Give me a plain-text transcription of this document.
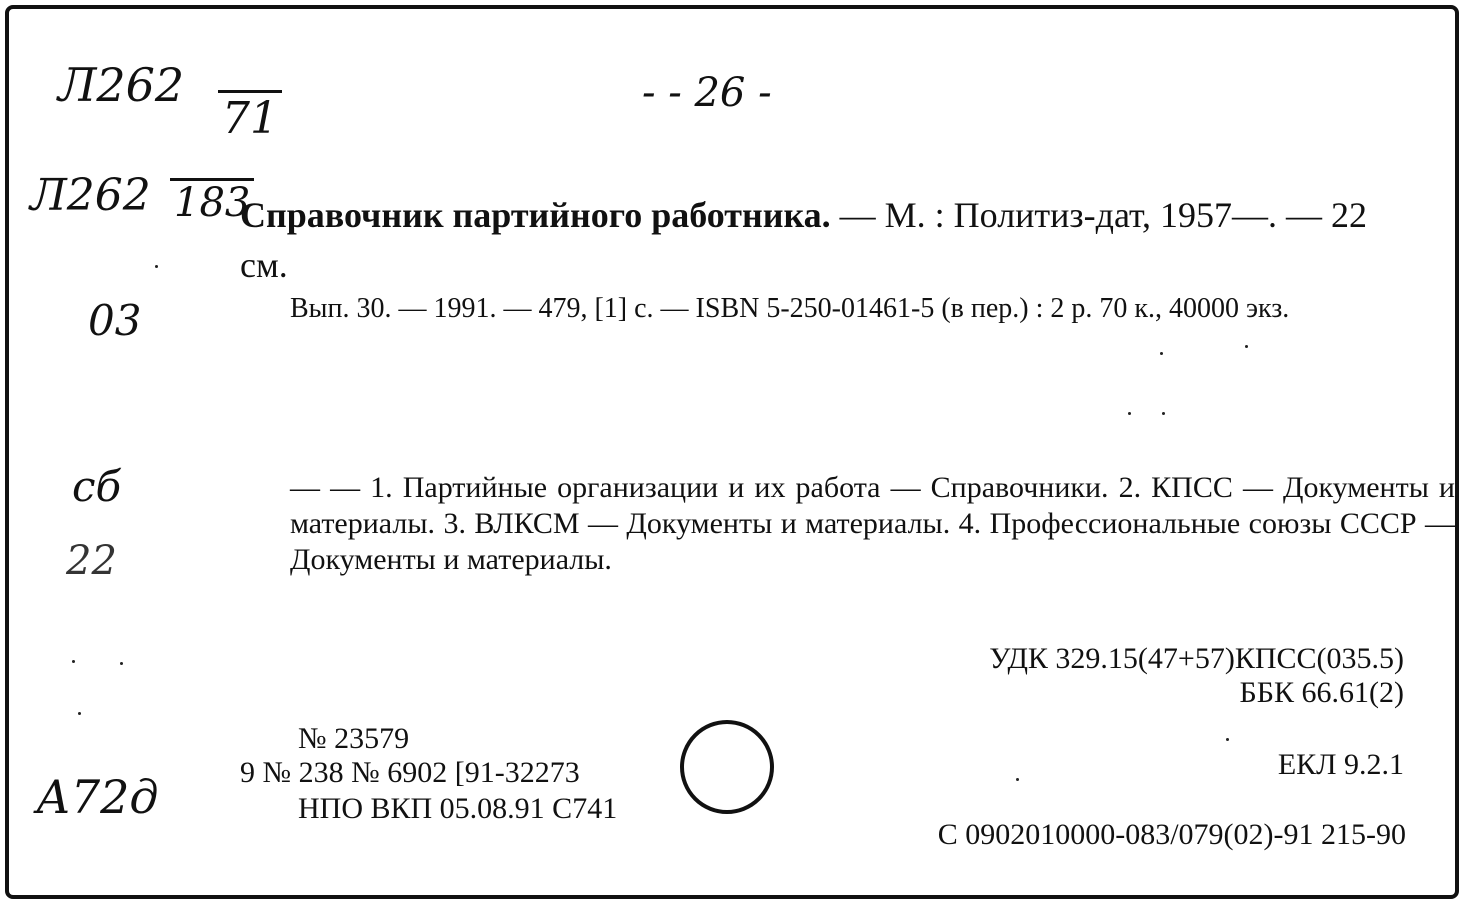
Л262
71
Л262 183
03
сб
22
А72д
- - 26 -
Справочник партийного работника. — М. : Политиз-дат, 1957—. — 22 см.
Вып. 30. — 1991. — 479, [1] с. — ISBN 5-250-01461-5 (в пер.) : 2 р. 70 к., 40000 экз.
— — 1. Партийные организации и их работа — Справочники. 2. КПСС — Документы и материалы. 3. ВЛКСМ — Документы и материалы. 4. Профессиональные союзы СССР — Документы и материалы.
УДК 329.15(47+57)КПСС(035.5)
ББК 66.61(2)
ЕКЛ 9.2.1
С 0902010000-083/079(02)-91 215-90
№ 23579
9 № 238 № 6902 [91-32273
НПО ВКП 05.08.91 С741
